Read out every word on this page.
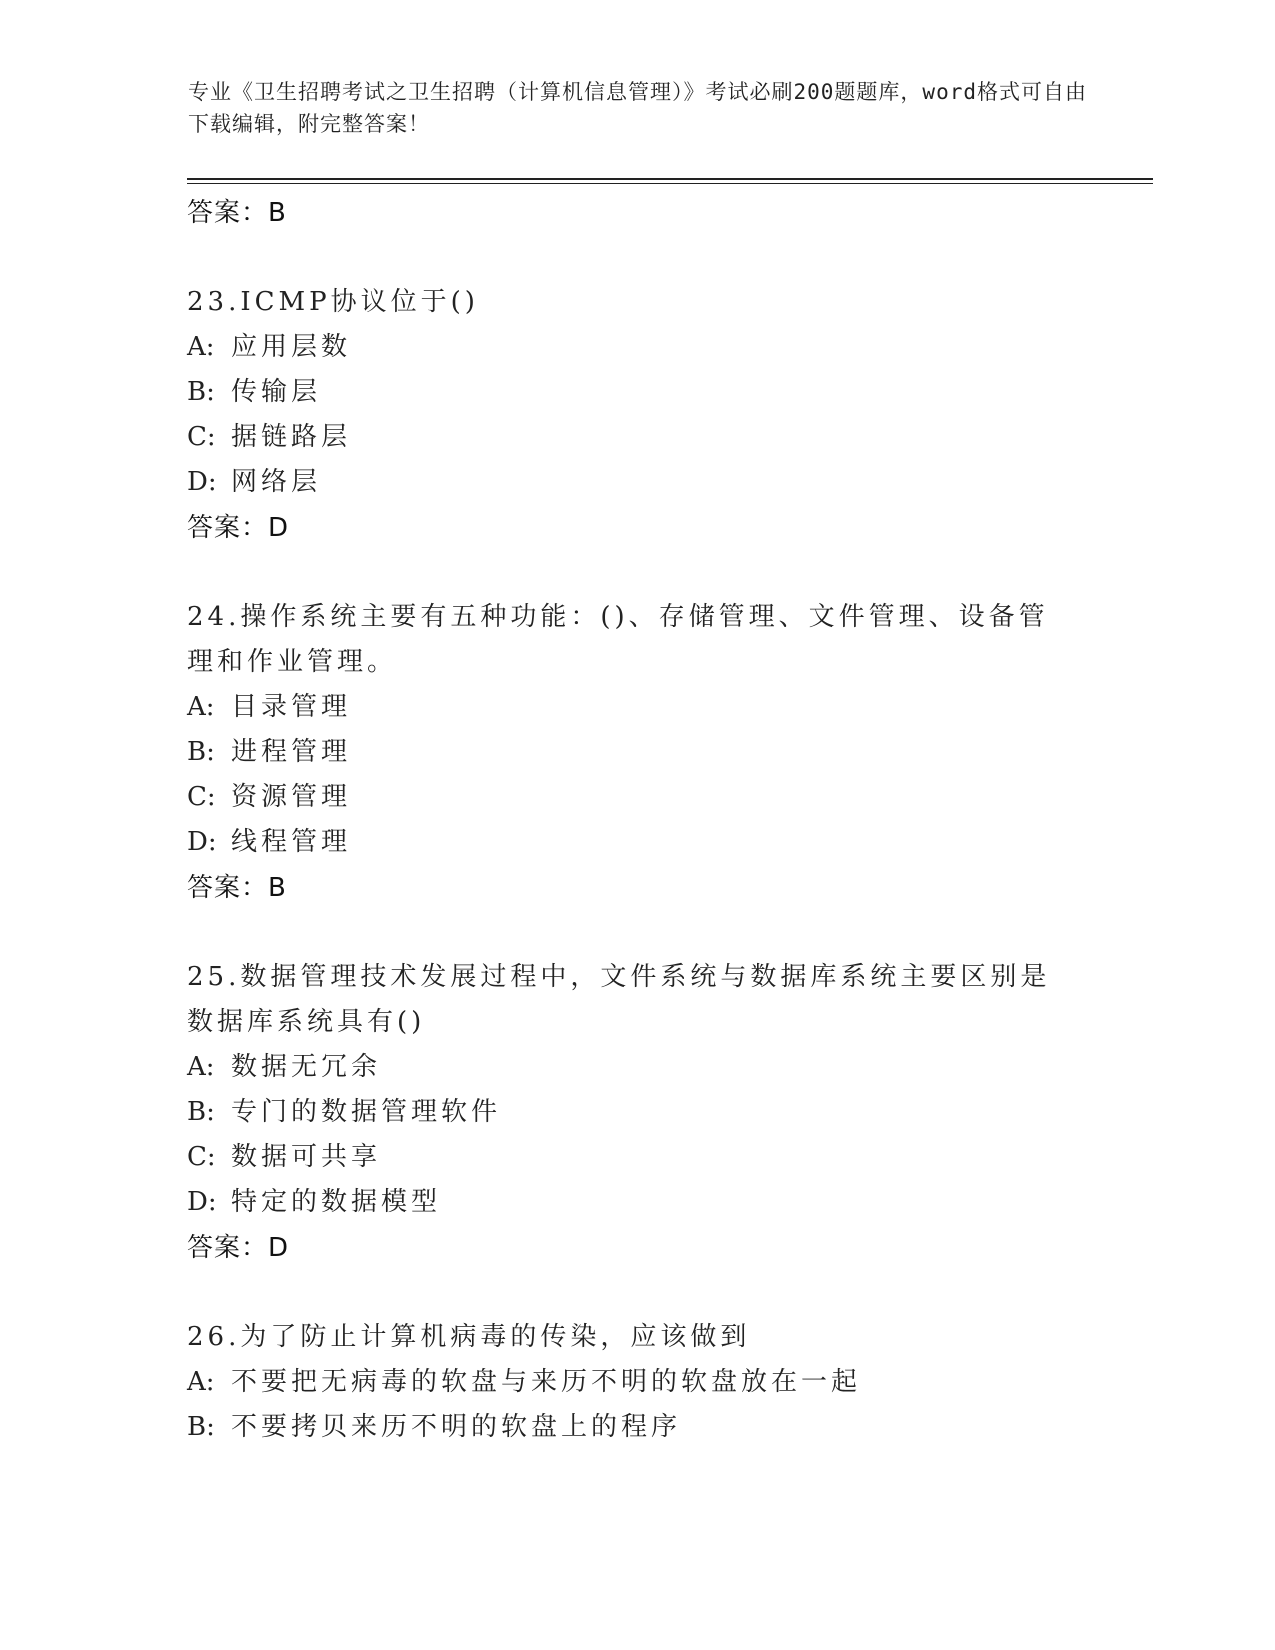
专业《卫生招聘考试之卫生招聘（计算机信息管理）》考试必刷200题题库，word格式可自由下载编辑，附完整答案！
答案：B

23.ICMP协议位于()

A: 应用层数

B: 传输层

C: 据链路层

D: 网络层

答案：D

24.操作系统主要有五种功能：()、存储管理、文件管理、设备管理和作业管理。

A: 目录管理

B: 进程管理

C: 资源管理

D: 线程管理

答案：B

25.数据管理技术发展过程中，文件系统与数据库系统主要区别是数据库系统具有()

A: 数据无冗余

B: 专门的数据管理软件

C: 数据可共享

D: 特定的数据模型

答案：D

26.为了防止计算机病毒的传染，应该做到

A: 不要把无病毒的软盘与来历不明的软盘放在一起

B: 不要拷贝来历不明的软盘上的程序
